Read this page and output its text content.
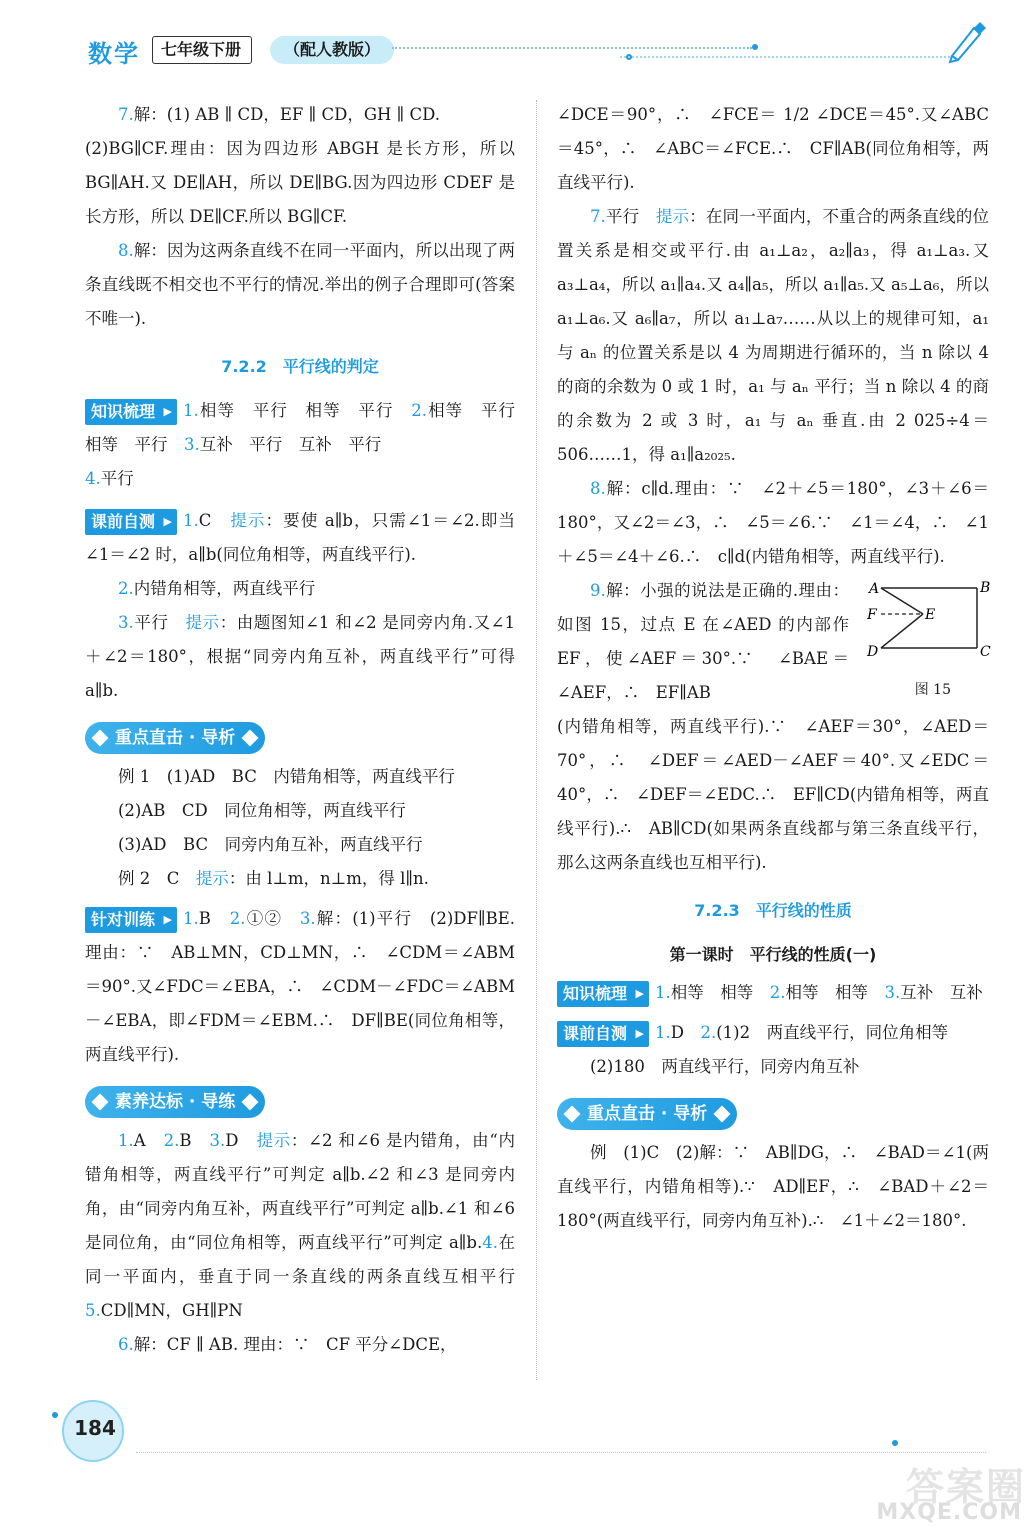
数学	（配人教版）
七年级下册
7.解：(1) AB ∥ CD，EF ∥ CD，GH ∥ CD.
(2)BG∥CF.理由：因为四边形 ABGH 是长方形，所以 BG∥AH.又 DE∥AH，所以 DE∥BG.因为四边形 CDEF 是长方形，所以 DE∥CF.所以 BG∥CF.
8.解：因为这两条直线不在同一平面内，所以出现了两条直线既不相交也不平行的情况.举出的例子合理即可(答案不唯一).
7.2.2　平行线的判定
知识梳理 ▶ 1.相等　平行　相等　平行　2.相等　平行　相等　平行　3.互补　平行　互补　平行
4.平行
课前自测 ▶ 1.C　提示：要使 a∥b，只需∠1＝∠2.即当∠1＝∠2 时，a∥b(同位角相等，两直线平行).
2.内错角相等，两直线平行
3.平行　提示：由题图知∠1 和∠2 是同旁内角.又∠1＋∠2＝180°，根据“同旁内角互补，两直线平行”可得 a∥b.
重点直击 · 导析
例 1　(1)AD　BC　内错角相等，两直线平行
(2)AB　CD　同位角相等，两直线平行
(3)AD　BC　同旁内角互补，两直线平行
例 2　C　提示：由 l⊥m，n⊥m，得 l∥n.
针对训练 ▶ 1.B　2.①②　3.解：(1)平行　(2)DF∥BE.理由：∵　AB⊥MN，CD⊥MN，∴　∠CDM＝∠ABM＝90°.又∠FDC＝∠EBA，∴　∠CDM－∠FDC＝∠ABM－∠EBA，即∠FDM＝∠EBM.∴　DF∥BE(同位角相等，两直线平行).
素养达标 · 导练
1.A　2.B　3.D　提示：∠2 和∠6 是内错角，由“内错角相等，两直线平行”可判定 a∥b.∠2 和∠3 是同旁内角，由“同旁内角互补，两直线平行”可判定 a∥b.∠1 和∠6 是同位角，由“同位角相等，两直线平行”可判定 a∥b.4.在同一平面内，垂直于同一条直线的两条直线互相平行　5.CD∥MN，GH∥PN
6.解：CF ∥ AB. 理由：∵　CF 平分∠DCE，
∠DCE＝90°，∴　∠FCE＝ 1/2 ∠DCE＝45°.又∠ABC＝45°，∴　∠ABC＝∠FCE.∴　CF∥AB(同位角相等，两直线平行).
7.平行　提示：在同一平面内，不重合的两条直线的位置关系是相交或平行.由 a₁⊥a₂，a₂∥a₃，得 a₁⊥a₃.又 a₃⊥a₄，所以 a₁∥a₄.又 a₄∥a₅，所以 a₁∥a₅.又 a₅⊥a₆，所以 a₁⊥a₆.又 a₆∥a₇，所以 a₁⊥a₇……从以上的规律可知，a₁ 与 aₙ 的位置关系是以 4 为周期进行循环的，当 n 除以 4 的商的余数为 0 或 1 时，a₁ 与 aₙ 平行；当 n 除以 4 的商的余数为 2 或 3 时，a₁ 与 aₙ 垂直.由 2 025÷4＝506……1，得 a₁∥a₂₀₂₅.
8.解：c∥d.理由：∵　∠2＋∠5＝180°，∠3＋∠6＝180°，又∠2＝∠3，∴　∠5＝∠6.∵　∠1＝∠4，∴　∠1＋∠5＝∠4＋∠6.∴　c∥d(内错角相等，两直线平行).
A	B
C
D
E
F
图 15
9.解：小强的说法是正确的.理由：如图 15，过点 E 在∠AED 的内部作 EF，使∠AEF＝30°.∵　∠BAE＝∠AEF，∴　EF∥AB
(内错角相等，两直线平行).∵　∠AEF＝30°，∠AED＝70°，∴　∠DEF＝∠AED－∠AEF＝40°.又∠EDC＝40°，∴　∠DEF＝∠EDC.∴　EF∥CD(内错角相等，两直线平行).∴　AB∥CD(如果两条直线都与第三条直线平行，那么这两条直线也互相平行).
7.2.3　平行线的性质
第一课时　平行线的性质(一)
知识梳理 ▶ 1.相等　相等　2.相等　相等　3.互补　互补
课前自测 ▶ 1.D　2.(1)2　两直线平行，同位角相等
(2)180　两直线平行，同旁内角互补
重点直击 · 导析
例　(1)C　(2)解：∵　AB∥DG，∴　∠BAD＝∠1(两直线平行，内错角相等).∵　AD∥EF，∴　∠BAD＋∠2＝180°(两直线平行，同旁内角互补).∴　∠1＋∠2＝180°.
184
答案圈
MXQE.COM
